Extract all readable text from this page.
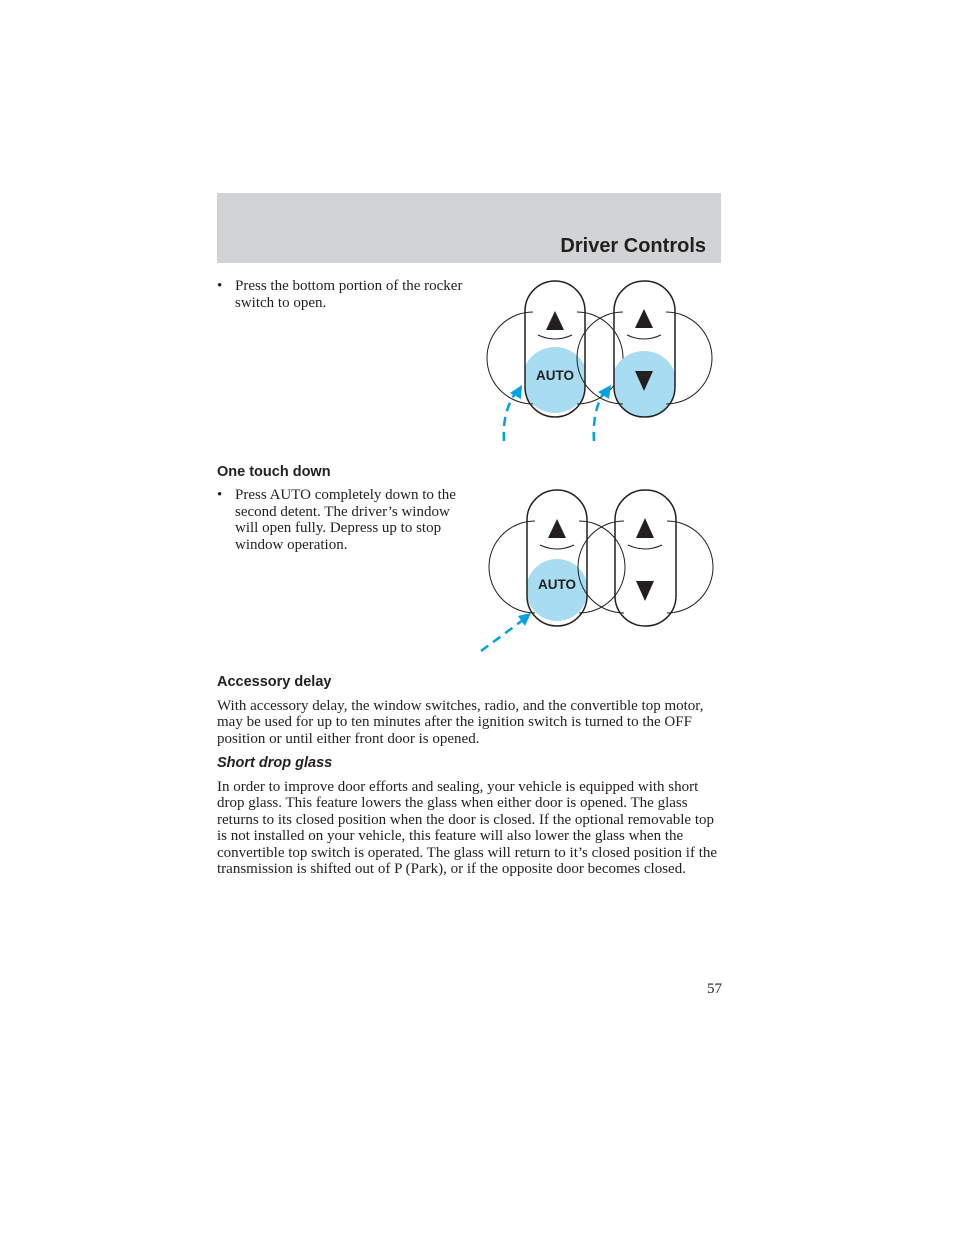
Driver Controls
• Press the bottom portion of the rocker switch to open.
One touch down
• Press AUTO completely down to the second detent. The driver’s window will open fully. Depress up to stop window operation.
Accessory delay
With accessory delay, the window switches, radio, and the convertible top motor, may be used for up to ten minutes after the ignition switch is turned to the OFF position or until either front door is opened.
Short drop glass
In order to improve door efforts and sealing, your vehicle is equipped with short drop glass. This feature lowers the glass when either door is opened. The glass returns to its closed position when the door is closed. If the optional removable top is not installed on your vehicle, this feature will also lower the glass when the convertible top switch is operated. The glass will return to it’s closed position if the transmission is shifted out of P (Park), or if the opposite door becomes closed.
57
AUTO
AUTO
